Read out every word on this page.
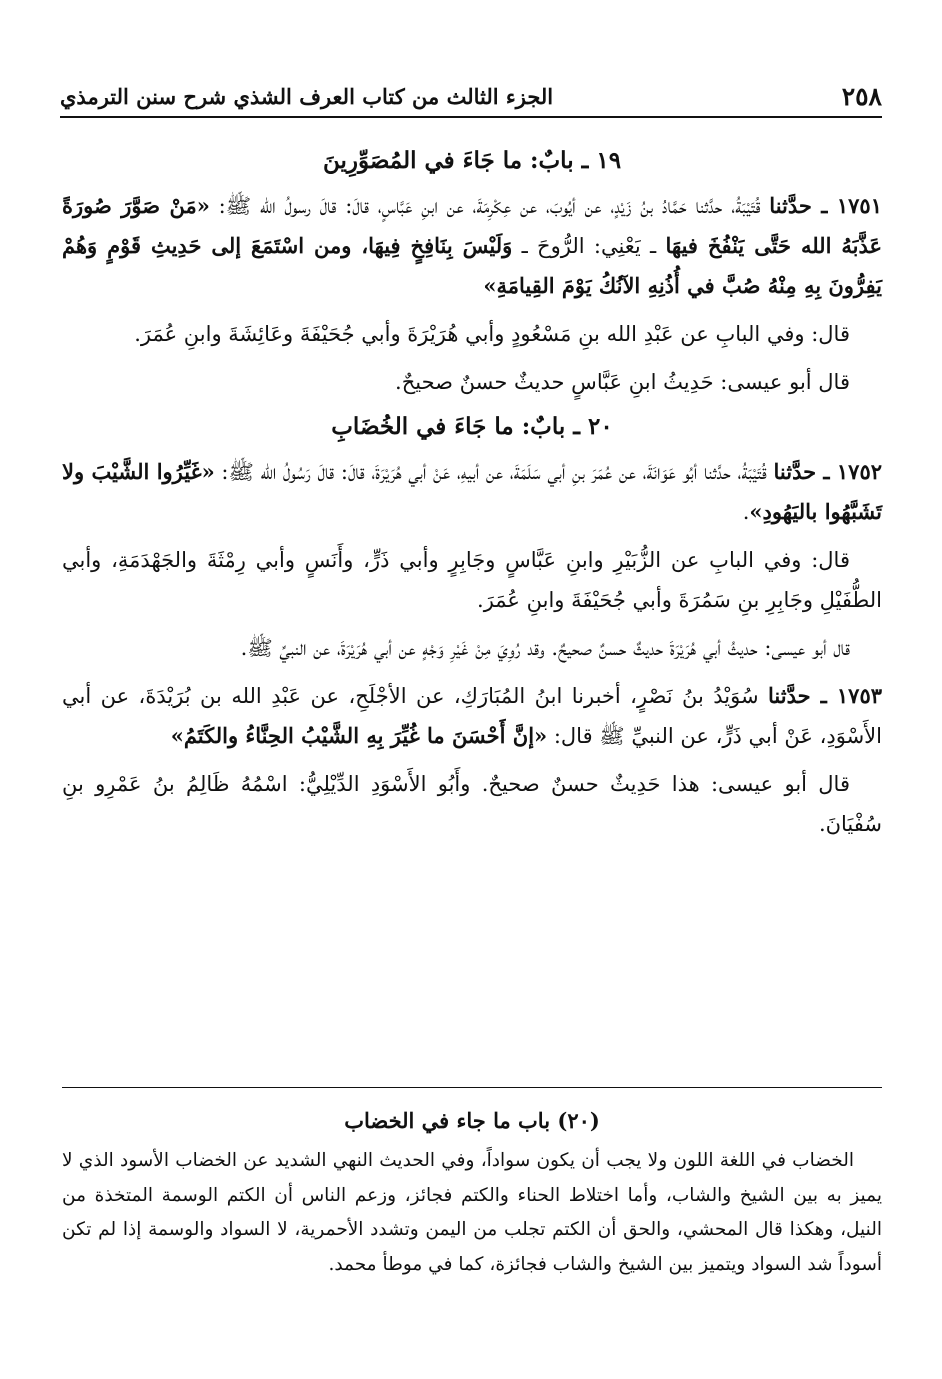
٢٥٨
الجزء الثالث من كتاب العرف الشذي شرح سنن الترمذي
١٩ ـ بابٌ: ما جَاءَ في المُصَوِّرِينَ

١٧٥١ ـ حدَّثنا قُتَيْبَةُ، حدَّثنا حَمَّادُ بنُ زَيْدٍ، عن أيُوبَ، عن عِكْرِمَةَ، عن ابنِ عَبَّاسٍ، قالَ: قالَ رسولُ الله ﷺ: «مَنْ صَوَّرَ صُورَةً عَذَّبَهُ الله حَتَّى يَنْفُخَ فيهَا ـ يَعْنِي: الرُّوحَ ـ وَلَيْسَ بِنَافِخٍ فِيهَا، ومن اسْتَمَعَ إلى حَدِيثِ قَوْمٍ وَهُمْ يَفِرُّونَ بِهِ مِنْهُ صُبَّ في أُذُنِهِ الآنُكُ يَوْمَ القِيامَةِ»

قال: وفي البابِ عن عَبْدِ الله بنِ مَسْعُودٍ وأبي هُرَيْرَةَ وأبي جُحَيْفَةَ وعَائِشَةَ وابنِ عُمَرَ.

قال أبو عيسى: حَدِيثُ ابنِ عَبَّاسٍ حديثٌ حسنٌ صحيحٌ.

٢٠ ـ بابٌ: ما جَاءَ في الخُضَابِ

١٧٥٢ ـ حدَّثنا قُتَيْبَةُ، حدَّثنا أبُو عَوَانَةَ، عن عُمَرَ بنِ أبي سَلَمَةَ، عن أبيهِ، عَنْ أبي هُرَيْرَةَ، قالَ: قالَ رَسُولُ الله ﷺ: «غَيِّرُوا الشَّيْبَ ولا تَشَبَّهُوا باليَهُودِ».

قال: وفي البابِ عن الزُّبَيْرِ وابنِ عَبَّاسٍ وجَابِرٍ وأبي ذَرٍّ، وأَنَسٍ وأبي رِمْثَةَ والجَهْدَمَةِ، وأبي الطُّفَيْلِ وجَابِرِ بنِ سَمُرَةَ وأبي جُحَيْفَةَ وابنِ عُمَرَ.

قال أبو عيسى: حديثُ أبي هُرَيْرَةَ حديثٌ حسنٌ صحيحٌ. وقد رُوِيَ مِنْ غَيْرِ وَجْهٍ عن أبي هُرَيْرَةَ، عن النبيِّ ﷺ.

١٧٥٣ ـ حدَّثنا سُوَيْدُ بنُ نَصْرٍ، أخبرنا ابنُ المُبَارَكِ، عن الأجْلَحِ، عن عَبْدِ الله بن بُرَيْدَةَ، عن أبي الأَسْوَدِ، عَنْ أبي ذَرٍّ، عن النبيِّ ﷺ قال: «إنَّ أَحْسَنَ ما غُيِّرَ بِهِ الشَّيْبُ الحِنَّاءُ والكَتَمُ»

قال أبو عيسى: هذا حَدِيثٌ حسنٌ صحيحٌ. وأَبُو الأَسْوَدِ الدِّيْلِيُّ: اسْمُهُ ظَالِمُ بنُ عَمْرِو بنِ سُفْيَانَ.

(٢٠) باب ما جاء في الخضاب

الخضاب في اللغة اللون ولا يجب أن يكون سواداً، وفي الحديث النهي الشديد عن الخضاب الأسود الذي لا يميز به بين الشيخ والشاب، وأما اختلاط الحناء والكتم فجائز، وزعم الناس أن الكتم الوسمة المتخذة من النيل، وهكذا قال المحشي، والحق أن الكتم تجلب من اليمن وتشدد الأحمرية، لا السواد والوسمة إذا لم تكن أسوداً شد السواد ويتميز بين الشيخ والشاب فجائزة، كما في موطأ محمد.
